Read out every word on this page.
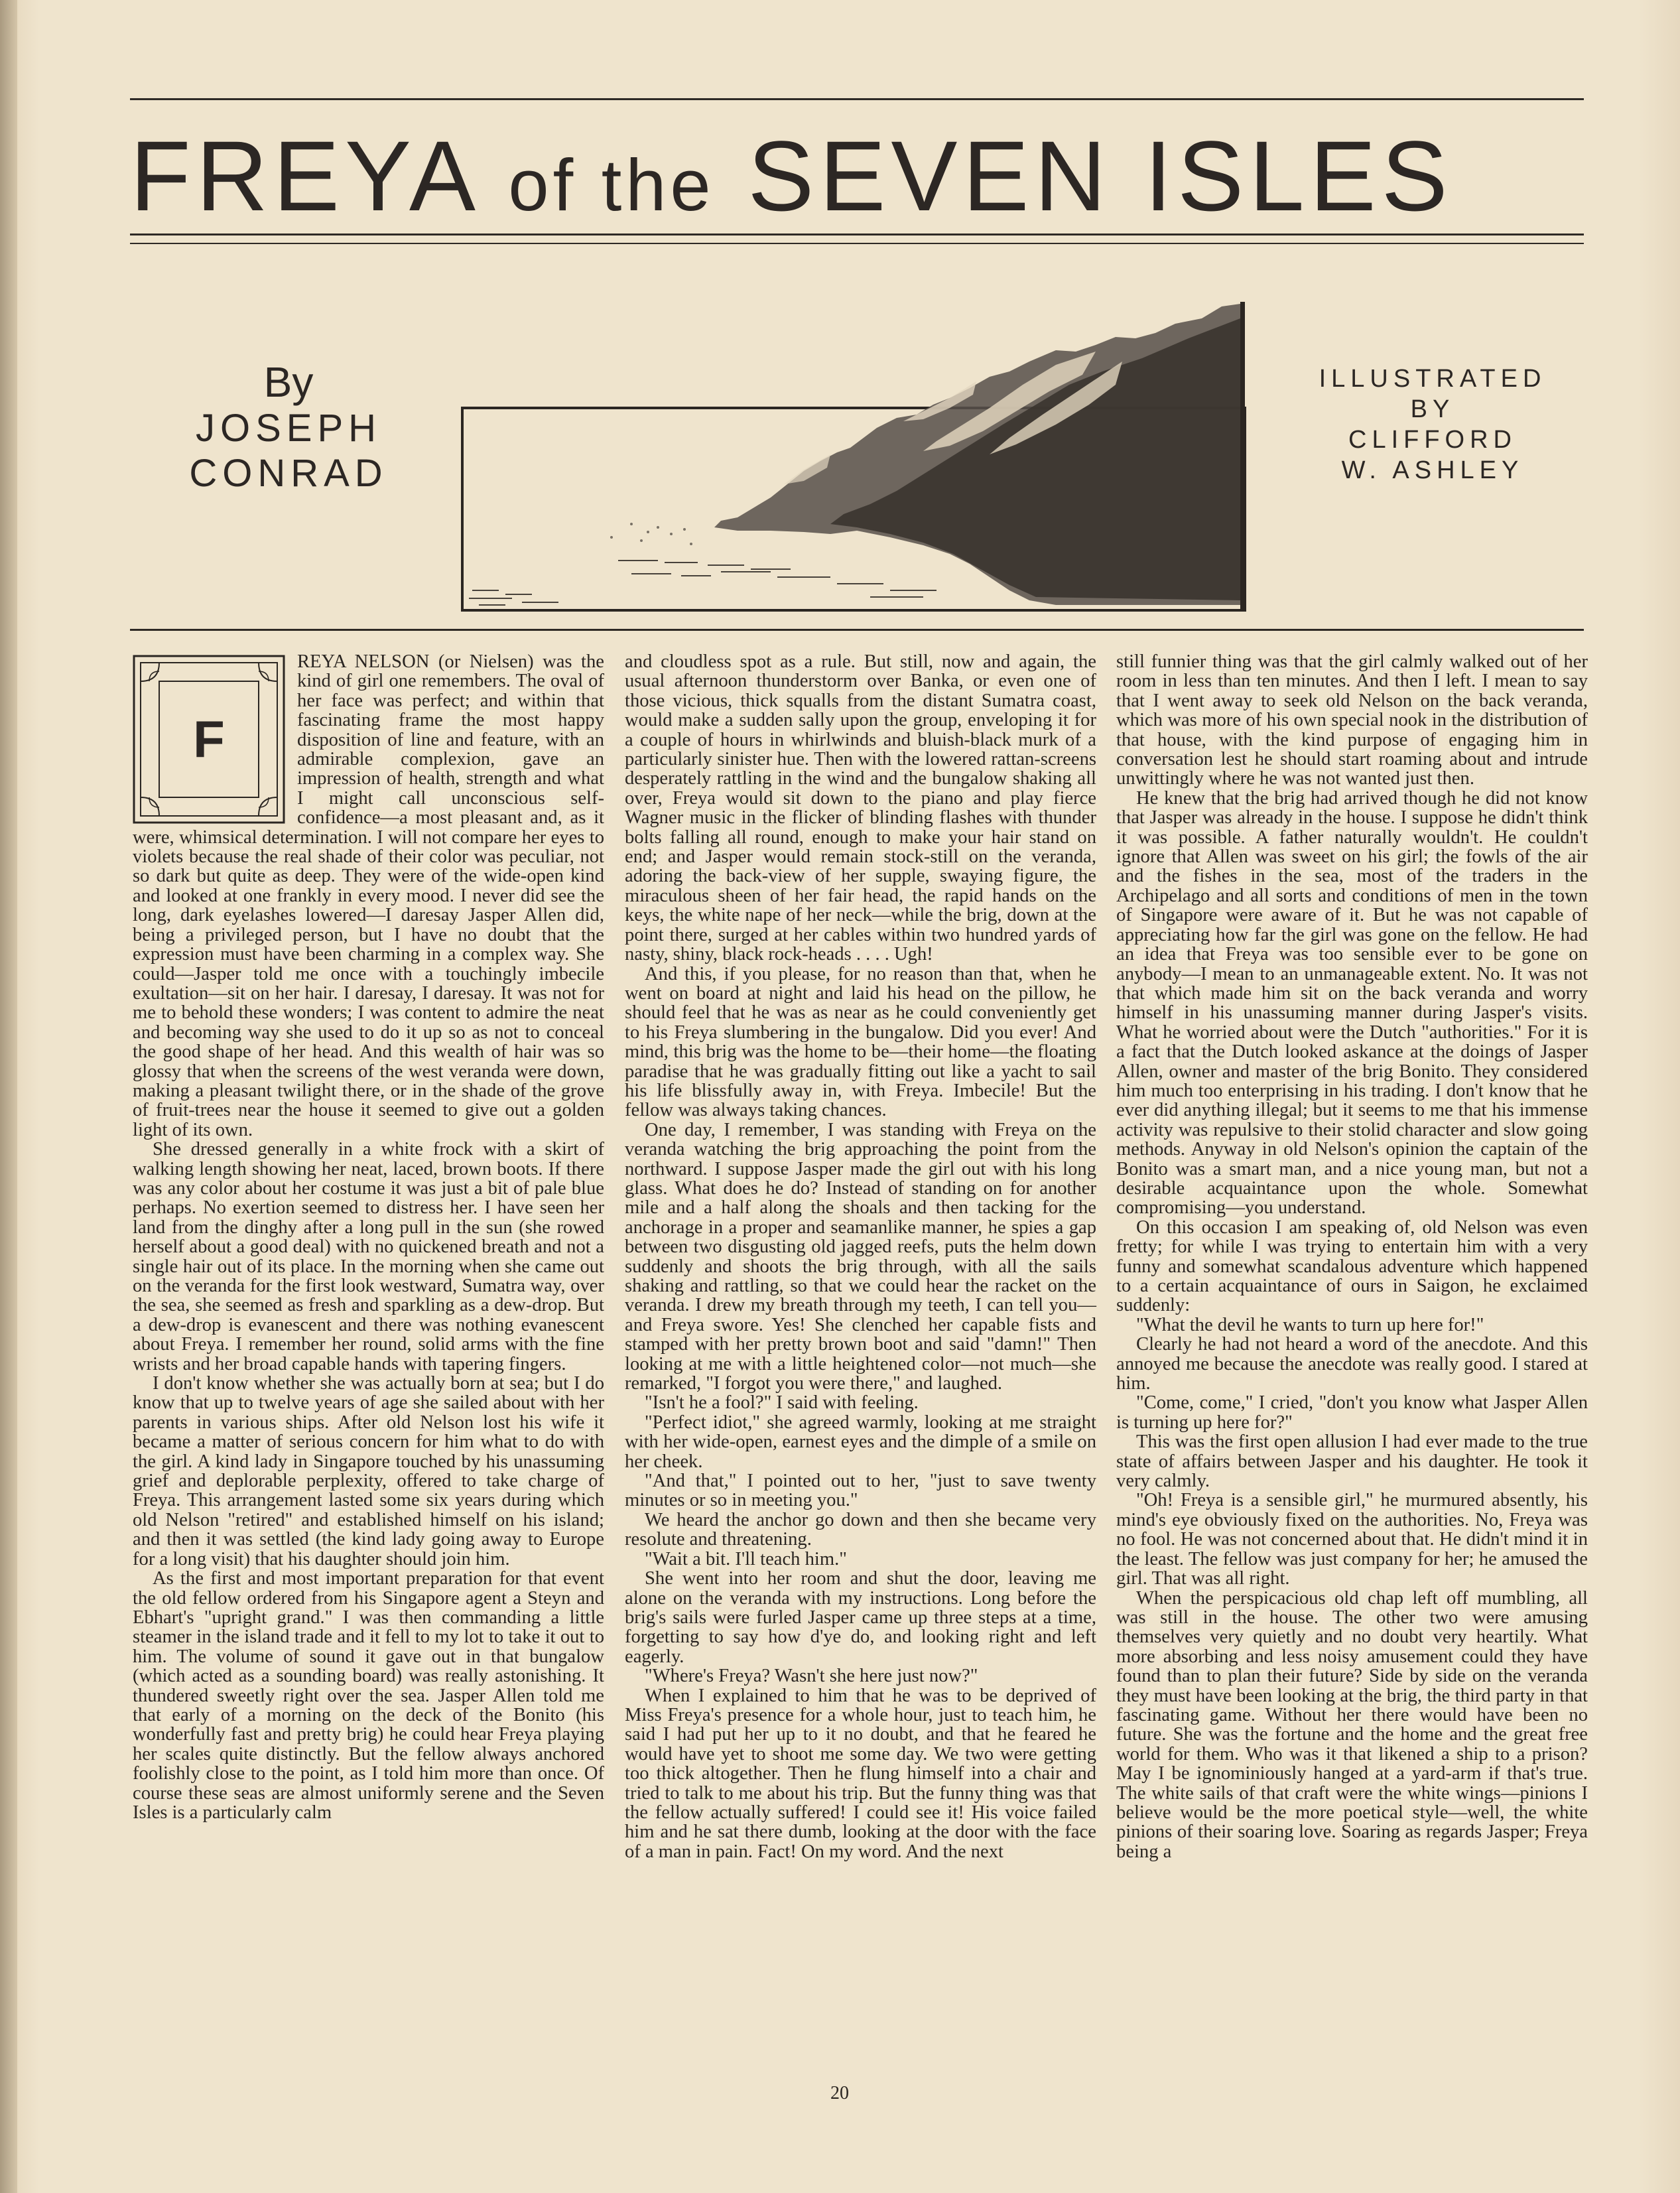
FREYA of the SEVEN ISLES
By
JOSEPH
CONRAD
ILLUSTRATED
BY
CLIFFORD
W. ASHLEY
F

REYA NELSON (or Nielsen) was the kind of girl one remembers. The oval of her face was perfect; and within that fascinating frame the most happy disposition of line and feature, with an admirable complexion, gave an impression of health, strength and what I might call unconscious self-confidence—a most pleasant and, as it were, whimsical determination. I will not compare her eyes to violets because the real shade of their color was peculiar, not so dark but quite as deep. They were of the wide-open kind and looked at one frankly in every mood. I never did see the long, dark eyelashes lowered—I daresay Jasper Allen did, being a privileged person, but I have no doubt that the expression must have been charming in a complex way. She could—Jasper told me once with a touchingly imbecile exultation—sit on her hair. I daresay, I daresay. It was not for me to behold these wonders; I was content to admire the neat and becoming way she used to do it up so as not to conceal the good shape of her head. And this wealth of hair was so glossy that when the screens of the west veranda were down, making a pleasant twilight there, or in the shade of the grove of fruit-trees near the house it seemed to give out a golden light of its own.

She dressed generally in a white frock with a skirt of walking length showing her neat, laced, brown boots. If there was any color about her costume it was just a bit of pale blue perhaps. No exertion seemed to distress her. I have seen her land from the dinghy after a long pull in the sun (she rowed herself about a good deal) with no quickened breath and not a single hair out of its place. In the morning when she came out on the veranda for the first look westward, Sumatra way, over the sea, she seemed as fresh and sparkling as a dew-drop. But a dew-drop is evanescent and there was nothing evanescent about Freya. I remember her round, solid arms with the fine wrists and her broad capable hands with tapering fingers.

I don't know whether she was actually born at sea; but I do know that up to twelve years of age she sailed about with her parents in various ships. After old Nelson lost his wife it became a matter of serious concern for him what to do with the girl. A kind lady in Singapore touched by his unassuming grief and deplorable perplexity, offered to take charge of Freya. This arrangement lasted some six years during which old Nelson "retired" and established himself on his island; and then it was settled (the kind lady going away to Europe for a long visit) that his daughter should join him.

As the first and most important preparation for that event the old fellow ordered from his Singapore agent a Steyn and Ebhart's "upright grand." I was then commanding a little steamer in the island trade and it fell to my lot to take it out to him. The volume of sound it gave out in that bungalow (which acted as a sounding board) was really astonishing. It thundered sweetly right over the sea. Jasper Allen told me that early of a morning on the deck of the Bonito (his wonderfully fast and pretty brig) he could hear Freya playing her scales quite distinctly. But the fellow always anchored foolishly close to the point, as I told him more than once. Of course these seas are almost uniformly serene and the Seven Isles is a particularly calm

and cloudless spot as a rule. But still, now and again, the usual afternoon thunderstorm over Banka, or even one of those vicious, thick squalls from the distant Sumatra coast, would make a sudden sally upon the group, enveloping it for a couple of hours in whirlwinds and bluish-black murk of a particularly sinister hue. Then with the lowered rattan-screens desperately rattling in the wind and the bungalow shaking all over, Freya would sit down to the piano and play fierce Wagner music in the flicker of blinding flashes with thunder bolts falling all round, enough to make your hair stand on end; and Jasper would remain stock-still on the veranda, adoring the back-view of her supple, swaying figure, the miraculous sheen of her fair head, the rapid hands on the keys, the white nape of her neck—while the brig, down at the point there, surged at her cables within two hundred yards of nasty, shiny, black rock-heads . . . . Ugh!

And this, if you please, for no reason than that, when he went on board at night and laid his head on the pillow, he should feel that he was as near as he could conveniently get to his Freya slumbering in the bungalow. Did you ever! And mind, this brig was the home to be—their home—the floating paradise that he was gradually fitting out like a yacht to sail his life blissfully away in, with Freya. Imbecile! But the fellow was always taking chances.

One day, I remember, I was standing with Freya on the veranda watching the brig approaching the point from the northward. I suppose Jasper made the girl out with his long glass. What does he do? Instead of standing on for another mile and a half along the shoals and then tacking for the anchorage in a proper and seamanlike manner, he spies a gap between two disgusting old jagged reefs, puts the helm down suddenly and shoots the brig through, with all the sails shaking and rattling, so that we could hear the racket on the veranda. I drew my breath through my teeth, I can tell you—and Freya swore. Yes! She clenched her capable fists and stamped with her pretty brown boot and said "damn!" Then looking at me with a little heightened color—not much—she remarked, "I forgot you were there," and laughed.

"Isn't he a fool?" I said with feeling.

"Perfect idiot," she agreed warmly, looking at me straight with her wide-open, earnest eyes and the dimple of a smile on her cheek.

"And that," I pointed out to her, "just to save twenty minutes or so in meeting you."

We heard the anchor go down and then she became very resolute and threatening.

"Wait a bit. I'll teach him."

She went into her room and shut the door, leaving me alone on the veranda with my instructions. Long before the brig's sails were furled Jasper came up three steps at a time, forgetting to say how d'ye do, and looking right and left eagerly.

"Where's Freya? Wasn't she here just now?"

When I explained to him that he was to be deprived of Miss Freya's presence for a whole hour, just to teach him, he said I had put her up to it no doubt, and that he feared he would have yet to shoot me some day. We two were getting too thick altogether. Then he flung himself into a chair and tried to talk to me about his trip. But the funny thing was that the fellow actually suffered! I could see it! His voice failed him and he sat there dumb, looking at the door with the face of a man in pain. Fact! On my word. And the next

still funnier thing was that the girl calmly walked out of her room in less than ten minutes. And then I left. I mean to say that I went away to seek old Nelson on the back veranda, which was more of his own special nook in the distribution of that house, with the kind purpose of engaging him in conversation lest he should start roaming about and intrude unwittingly where he was not wanted just then.

He knew that the brig had arrived though he did not know that Jasper was already in the house. I suppose he didn't think it was possible. A father naturally wouldn't. He couldn't ignore that Allen was sweet on his girl; the fowls of the air and the fishes in the sea, most of the traders in the Archipelago and all sorts and conditions of men in the town of Singapore were aware of it. But he was not capable of appreciating how far the girl was gone on the fellow. He had an idea that Freya was too sensible ever to be gone on anybody—I mean to an unmanageable extent. No. It was not that which made him sit on the back veranda and worry himself in his unassuming manner during Jasper's visits. What he worried about were the Dutch "authorities." For it is a fact that the Dutch looked askance at the doings of Jasper Allen, owner and master of the brig Bonito. They considered him much too enterprising in his trading. I don't know that he ever did anything illegal; but it seems to me that his immense activity was repulsive to their stolid character and slow going methods. Anyway in old Nelson's opinion the captain of the Bonito was a smart man, and a nice young man, but not a desirable acquaintance upon the whole. Somewhat compromising—you understand.

On this occasion I am speaking of, old Nelson was even fretty; for while I was trying to entertain him with a very funny and somewhat scandalous adventure which happened to a certain acquaintance of ours in Saigon, he exclaimed suddenly:

"What the devil he wants to turn up here for!"

Clearly he had not heard a word of the anecdote. And this annoyed me because the anecdote was really good. I stared at him.

"Come, come," I cried, "don't you know what Jasper Allen is turning up here for?"

This was the first open allusion I had ever made to the true state of affairs between Jasper and his daughter. He took it very calmly.

"Oh! Freya is a sensible girl," he murmured absently, his mind's eye obviously fixed on the authorities. No, Freya was no fool. He was not concerned about that. He didn't mind it in the least. The fellow was just company for her; he amused the girl. That was all right.

When the perspicacious old chap left off mumbling, all was still in the house. The other two were amusing themselves very quietly and no doubt very heartily. What more absorbing and less noisy amusement could they have found than to plan their future? Side by side on the veranda they must have been looking at the brig, the third party in that fascinating game. Without her there would have been no future. She was the fortune and the home and the great free world for them. Who was it that likened a ship to a prison? May I be ignominiously hanged at a yard-arm if that's true. The white sails of that craft were the white wings—pinions I believe would be the more poetical style—well, the white pinions of their soaring love. Soaring as regards Jasper; Freya being a

20
